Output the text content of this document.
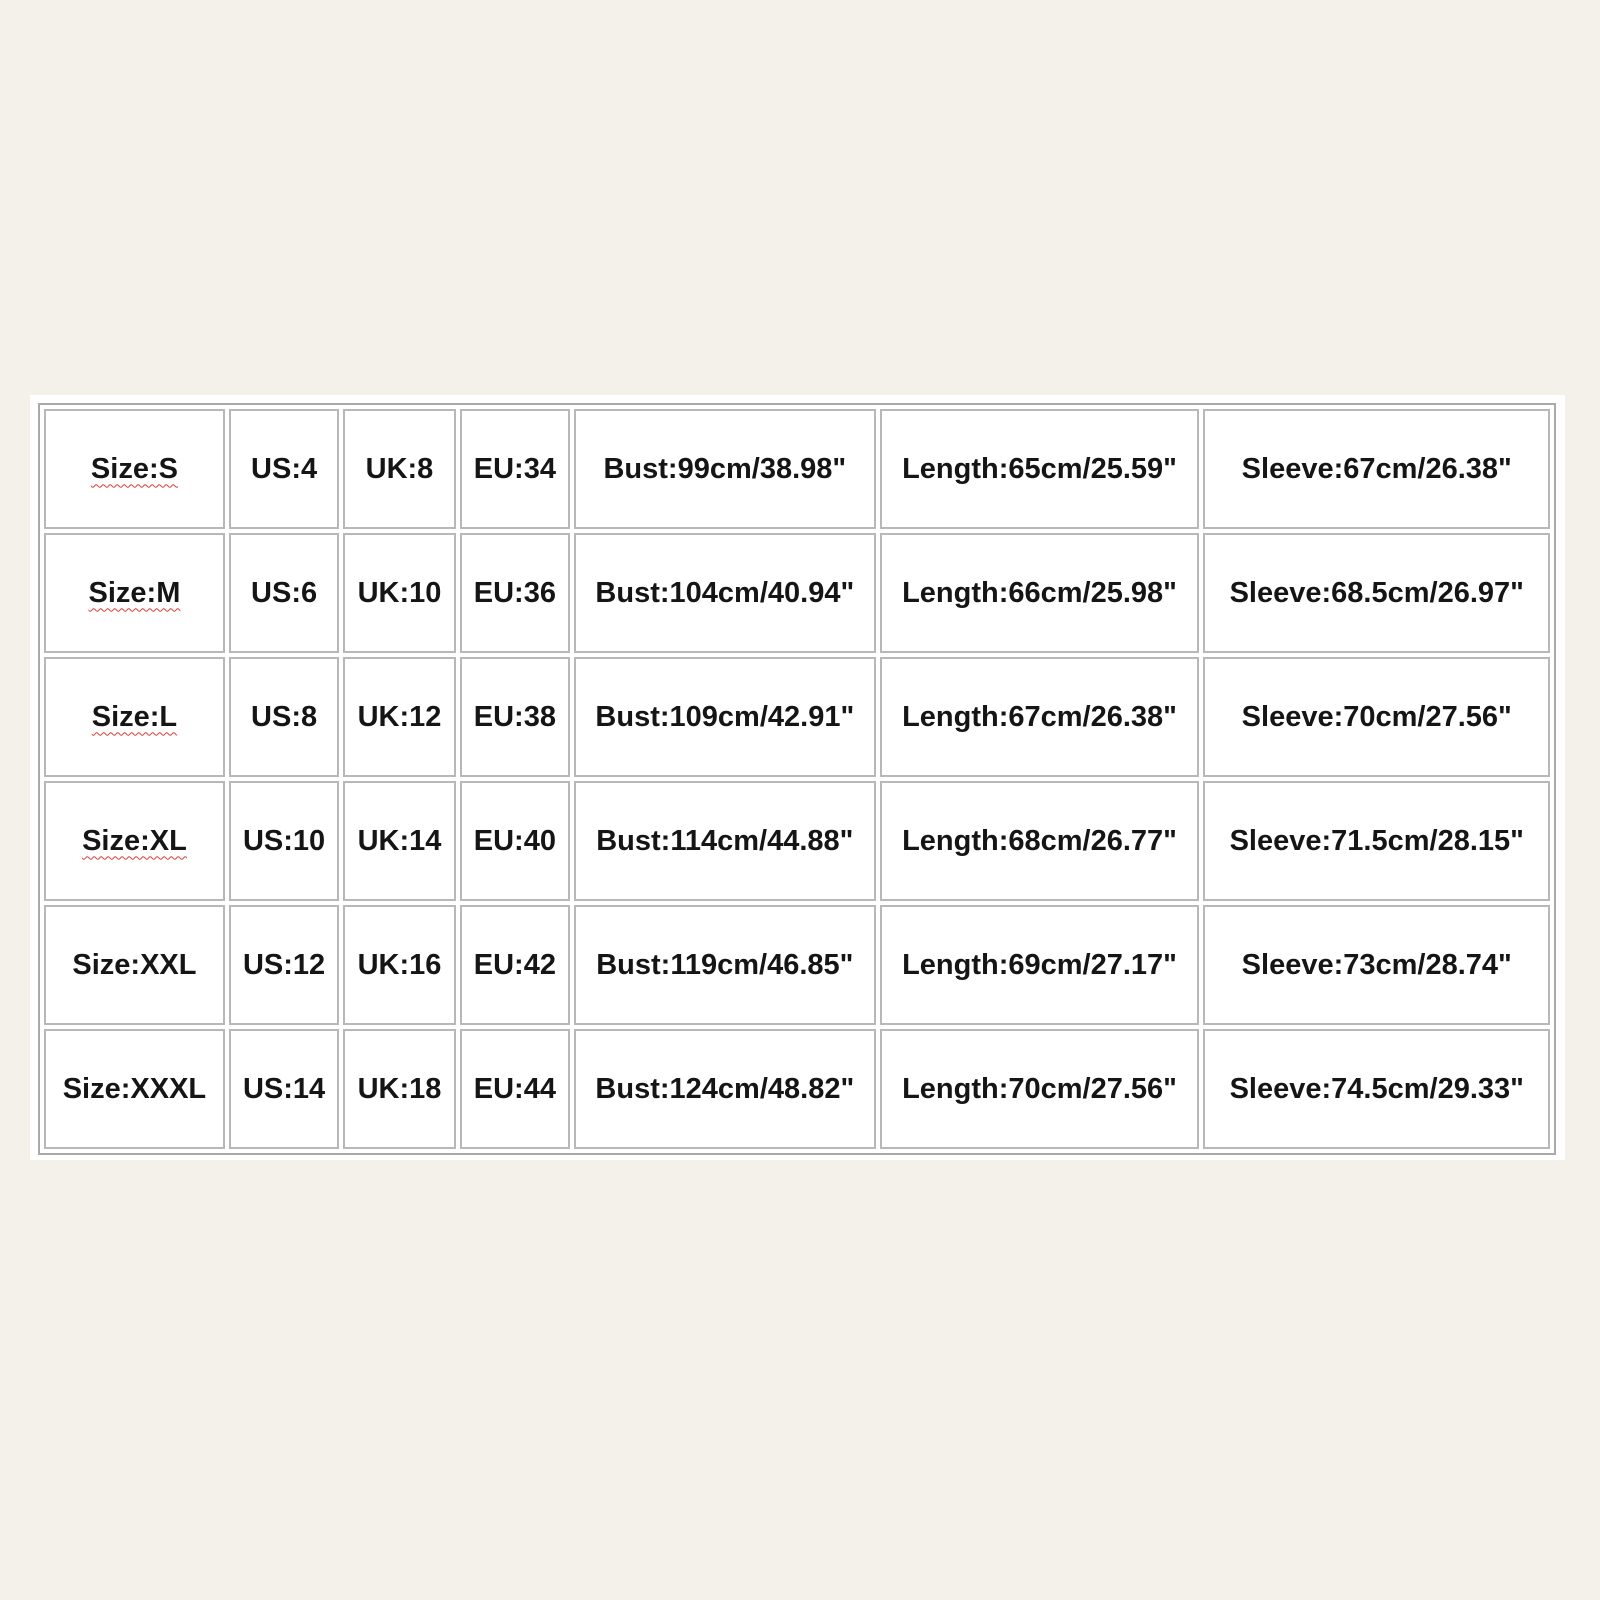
Size:S	US:4	UK:8	EU:34	Bust:99cm/38.98"	Length:65cm/25.59"	Sleeve:67cm/26.38"
Size:M	US:6	UK:10	EU:36	Bust:104cm/40.94"	Length:66cm/25.98"	Sleeve:68.5cm/26.97"
Size:L	US:8	UK:12	EU:38	Bust:109cm/42.91"	Length:67cm/26.38"	Sleeve:70cm/27.56"
Size:XL	US:10	UK:14	EU:40	Bust:114cm/44.88"	Length:68cm/26.77"	Sleeve:71.5cm/28.15"
Size:XXL	US:12	UK:16	EU:42	Bust:119cm/46.85"	Length:69cm/27.17"	Sleeve:73cm/28.74"
Size:XXXL	US:14	UK:18	EU:44	Bust:124cm/48.82"	Length:70cm/27.56"	Sleeve:74.5cm/29.33"
